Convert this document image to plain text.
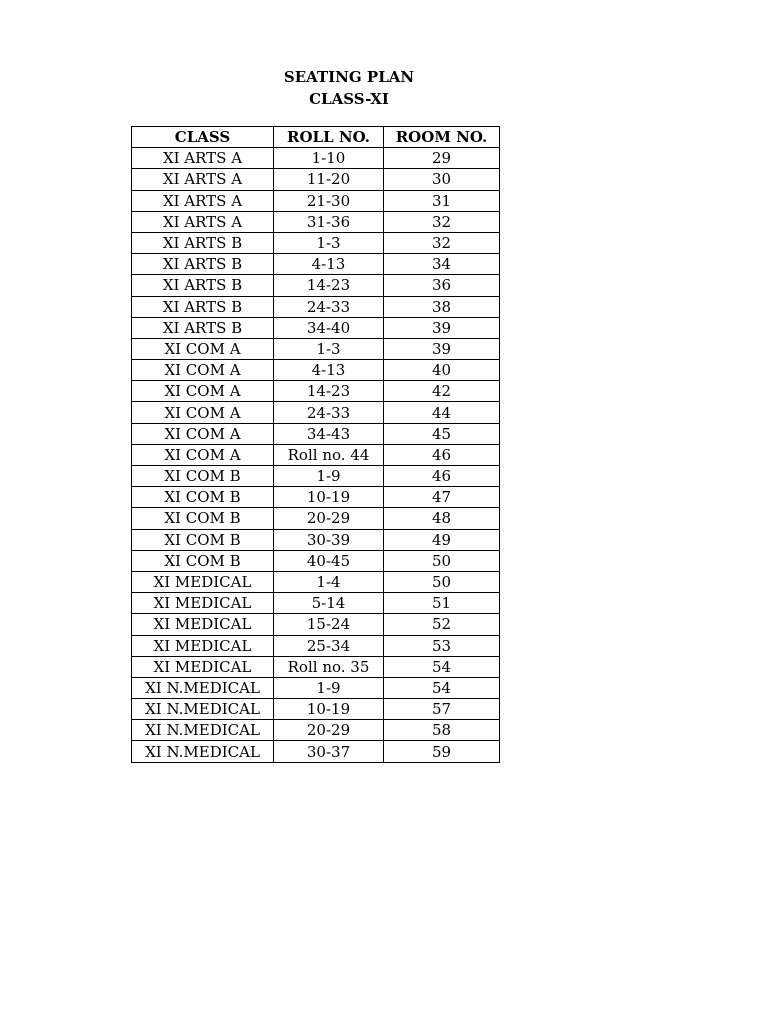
SEATING PLAN
CLASS-XI
CLASS	ROLL NO.	ROOM NO.
XI ARTS A	1-10	29
XI ARTS A	11-20	30
XI ARTS A	21-30	31
XI ARTS A	31-36	32
XI ARTS B	1-3	32
XI ARTS B	4-13	34
XI ARTS B	14-23	36
XI ARTS B	24-33	38
XI ARTS B	34-40	39
XI COM A	1-3	39
XI COM A	4-13	40
XI COM A	14-23	42
XI COM A	24-33	44
XI COM A	34-43	45
XI COM A	Roll no. 44	46
XI COM B	1-9	46
XI COM B	10-19	47
XI COM B	20-29	48
XI COM B	30-39	49
XI COM B	40-45	50
XI MEDICAL	1-4	50
XI MEDICAL	5-14	51
XI MEDICAL	15-24	52
XI MEDICAL	25-34	53
XI MEDICAL	Roll no. 35	54
XI N.MEDICAL	1-9	54
XI N.MEDICAL	10-19	57
XI N.MEDICAL	20-29	58
XI N.MEDICAL	30-37	59
